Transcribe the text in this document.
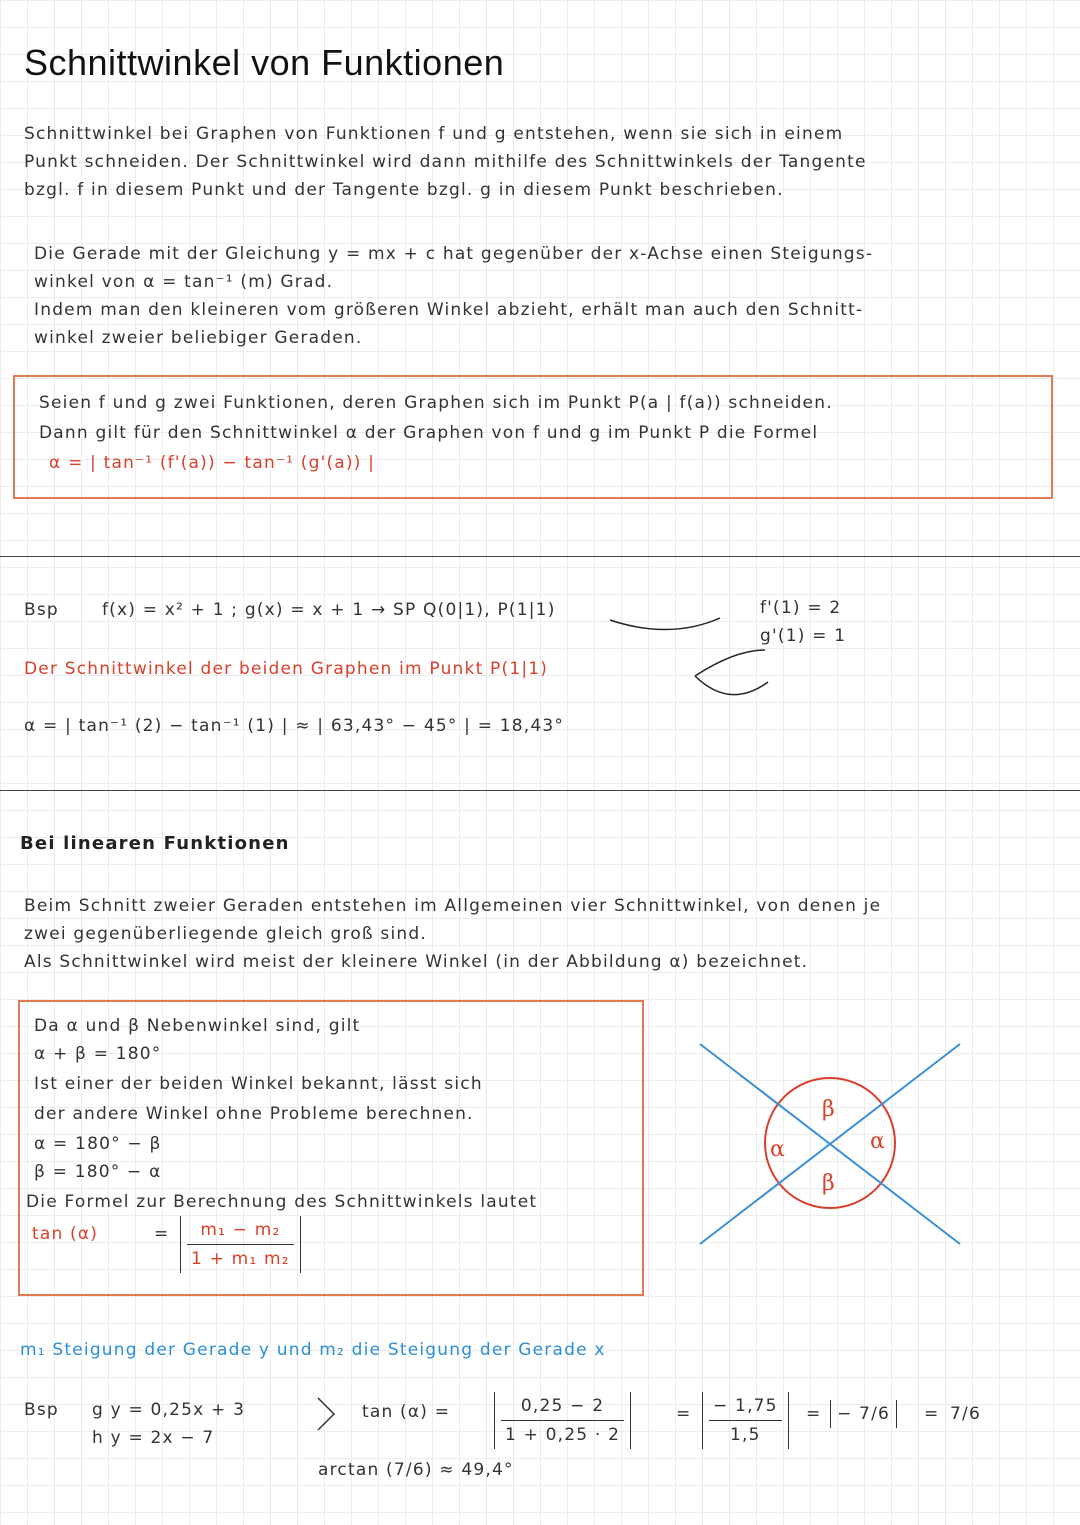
Schnittwinkel von Funktionen
Schnittwinkel bei Graphen von Funktionen f und g entstehen, wenn sie sich in einem
Punkt schneiden. Der Schnittwinkel wird dann mithilfe des Schnittwinkels der Tangente
bzgl. f in diesem Punkt und der Tangente bzgl. g in diesem Punkt beschrieben.
Die Gerade mit der Gleichung y = mx + c hat gegenüber der x-Achse einen Steigungs-
winkel von α = tan⁻¹ (m) Grad.
Indem man den kleineren vom größeren Winkel abzieht, erhält man auch den Schnitt-
winkel zweier beliebiger Geraden.
Seien f und g zwei Funktionen, deren Graphen sich im Punkt P(a | f(a)) schneiden.
Dann gilt für den Schnittwinkel α der Graphen von f und g im Punkt P die Formel
α = | tan⁻¹ (f'(a)) − tan⁻¹ (g'(a)) |
Bsp	f(x) = x² + 1 ; g(x) = x + 1 → SP Q(0|1), P(1|1)	f'(1) = 2
g'(1) = 1
Der Schnittwinkel der beiden Graphen im Punkt P(1|1)
α = | tan⁻¹ (2) − tan⁻¹ (1) | ≈ | 63,43° − 45° | = 18,43°
Bei linearen Funktionen
Beim Schnitt zweier Geraden entstehen im Allgemeinen vier Schnittwinkel, von denen je
zwei gegenüberliegende gleich groß sind.
Als Schnittwinkel wird meist der kleinere Winkel (in der Abbildung α) bezeichnet.
Da α und β Nebenwinkel sind, gilt
α + β = 180°
Ist einer der beiden Winkel bekannt, lässt sich
der andere Winkel ohne Probleme berechnen.
α = 180° − β
β = 180° − α
Die Formel zur Berechnung des Schnittwinkels lautet
tan (α)	= $\frac{\text{m₁ − m₂}}{\text{1 + m₁ m₂}}$
α	α
β
β
m₁ Steigung der Gerade y und m₂ die Steigung der Gerade x
Bsp g y = 0,25x + 3
h y = 2x − 7
tan (α) =	$\frac{0,25 - 2}{1 + 0,25 \cdot 2}$	= $\frac{- 1,75}{1,5}$ = − 7/6	= 7/6
arctan (7/6) ≈ 49,4°
